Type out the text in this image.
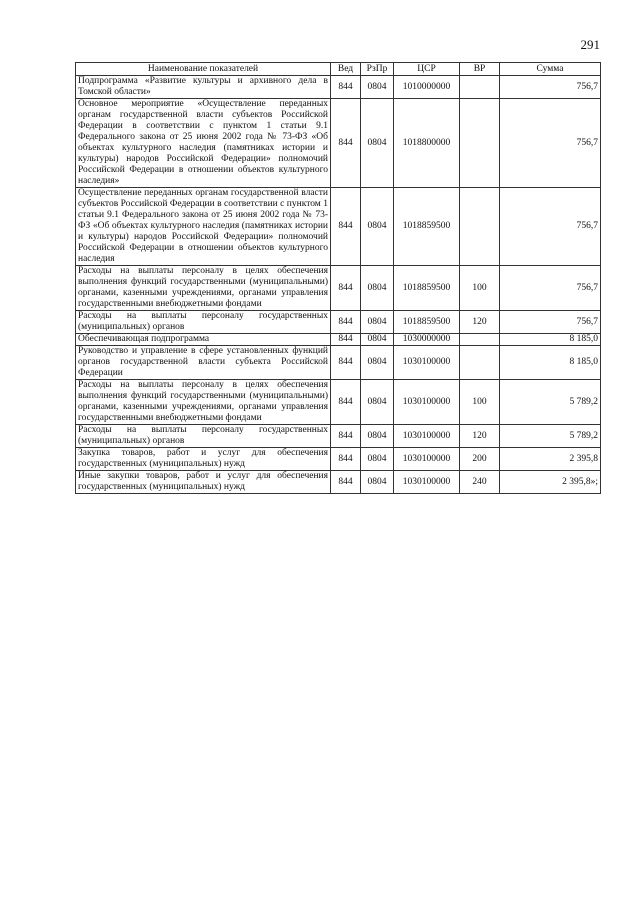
291
Наименование показателей	Вед	РзПр	ЦСР	ВР	Сумма
Подпрограмма «Развитие культуры и архивного дела в Томской области»	844	0804	1010000000		756,7
Основное мероприятие «Осуществление переданных органам государственной власти субъектов Российской Федерации в соответствии с пунктом 1 статьи 9.1 Федерального закона от 25 июня 2002 года № 73-ФЗ «Об объектах культурного наследия (памятниках истории и культуры) народов Российской Федерации» полномочий Российской Федерации в отношении объектов культурного наследия»	844	0804	1018800000		756,7
Осуществление переданных органам государственной власти субъектов Российской Федерации в соответствии с пунктом 1 статьи 9.1 Федерального закона от 25 июня 2002 года № 73-ФЗ «Об объектах культурного наследия (памятниках истории и культуры) народов Российской Федерации» полномочий Российской Федерации в отношении объектов культурного наследия	844	0804	1018859500		756,7
Расходы на выплаты персоналу в целях обеспечения выполнения функций государственными (муниципальными) органами, казенными учреждениями, органами управления государственными внебюджетными фондами	844	0804	1018859500	100	756,7
Расходы на выплаты персоналу государственных (муниципальных) органов	844	0804	1018859500	120	756,7
Обеспечивающая подпрограмма	844	0804	1030000000		8 185,0
Руководство и управление в сфере установленных функций органов государственной власти субъекта Российской Федерации	844	0804	1030100000		8 185,0
Расходы на выплаты персоналу в целях обеспечения выполнения функций государственными (муниципальными) органами, казенными учреждениями, органами управления государственными внебюджетными фондами	844	0804	1030100000	100	5 789,2
Расходы на выплаты персоналу государственных (муниципальных) органов	844	0804	1030100000	120	5 789,2
Закупка товаров, работ и услуг для обеспечения государственных (муниципальных) нужд	844	0804	1030100000	200	2 395,8
Иные закупки товаров, работ и услуг для обеспечения государственных (муниципальных) нужд	844	0804	1030100000	240	2 395,8»;
